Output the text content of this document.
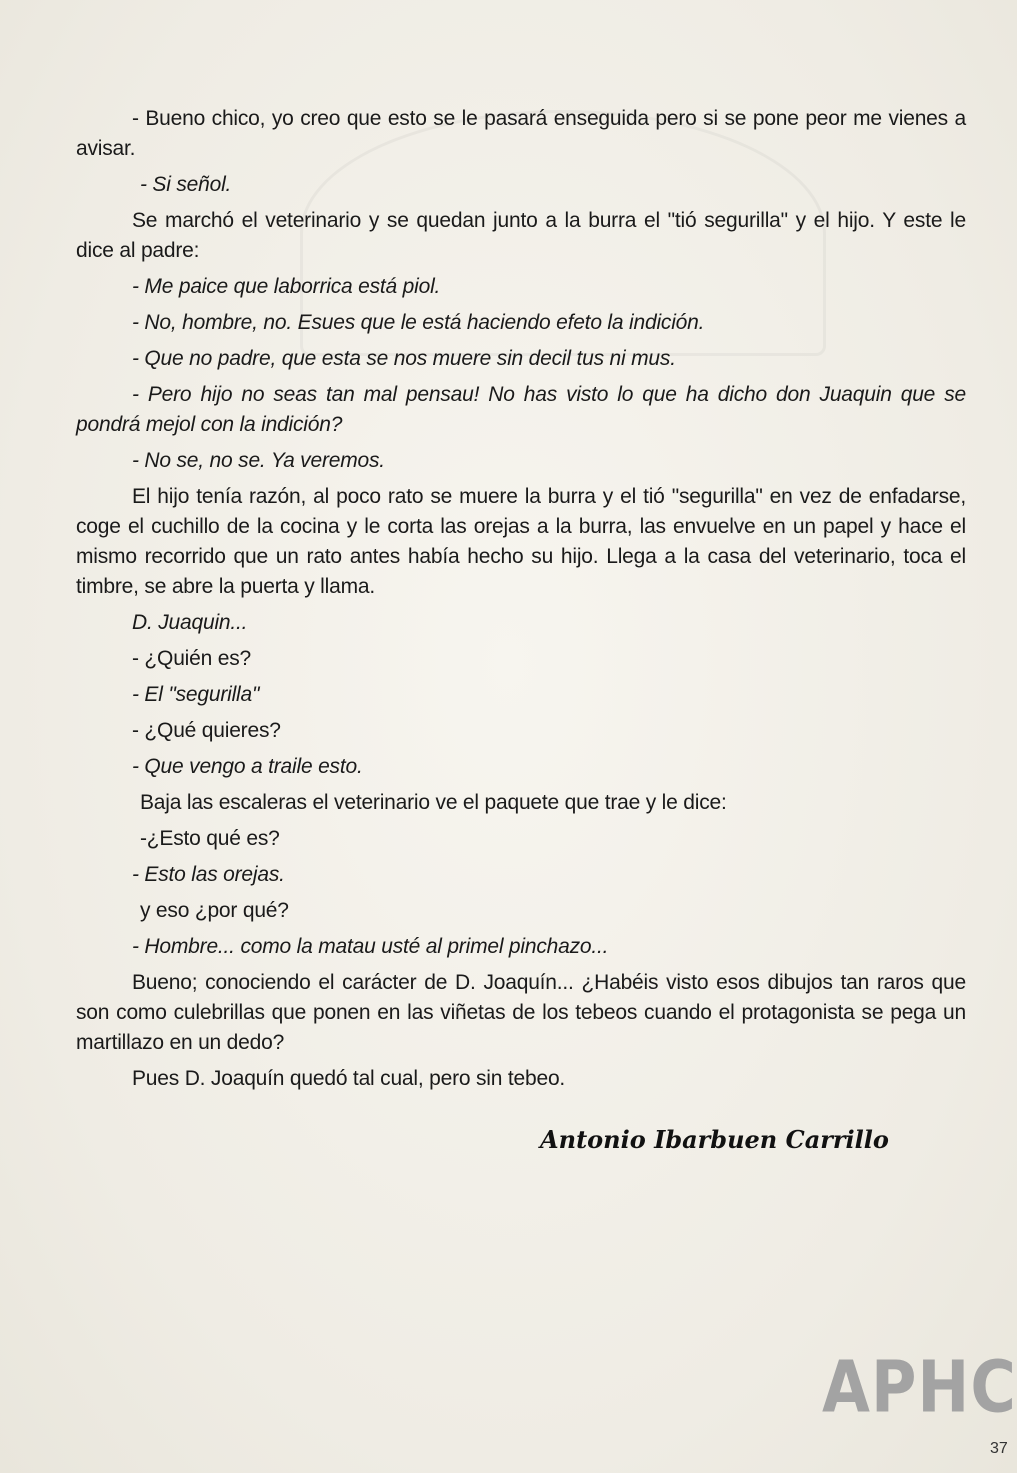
- Bueno chico, yo creo que esto se le pasará enseguida pero si se pone peor me vienes a avisar.

- Si señol.

Se marchó el veterinario y se quedan junto a la burra el "tió segurilla" y el hijo. Y este le dice al padre:

- Me paice que laborrica está piol.

- No, hombre, no. Esues que le está haciendo efeto la indición.

- Que no padre, que esta se nos muere sin decil tus ni mus.

- Pero hijo no seas tan mal pensau! No has visto lo que ha dicho don Juaquin que se pondrá mejol con la indición?

- No se, no se. Ya veremos.

El hijo tenía razón, al poco rato se muere la burra y el tió "segurilla" en vez de enfadarse, coge el cuchillo de la cocina y le corta las orejas a la burra, las envuelve en un papel y hace el mismo recorrido que un rato antes había hecho su hijo. Llega a la casa del veterinario, toca el timbre, se abre la puerta y llama.

D. Juaquin...

- ¿Quién es?

- El "segurilla"

- ¿Qué quieres?

- Que vengo a traile esto.

Baja las escaleras el veterinario ve el paquete que trae y le dice:

-¿Esto qué es?

- Esto las orejas.

y eso ¿por qué?

- Hombre... como la matau usté al primel pinchazo...

Bueno; conociendo el carácter de D. Joaquín... ¿Habéis visto esos dibujos tan raros que son como culebrillas que ponen en las viñetas de los tebeos cuando el protagonista se pega un martillazo en un dedo?

Pues D. Joaquín quedó tal cual, pero sin tebeo.

Antonio Ibarbuen Carrillo
APHC
37
